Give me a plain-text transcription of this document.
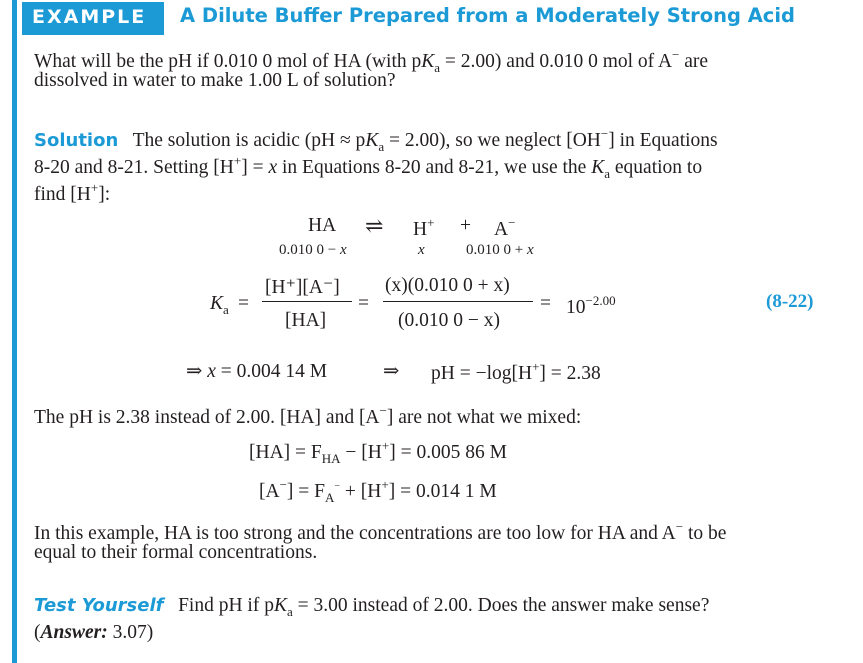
EXAMPLE A Dilute Buffer Prepared from a Moderately Strong Acid
What will be the pH if 0.010 0 mol of HA (with $pK_a = 2.00$) and 0.010 0 mol of A− are
dissolved in water to make 1.00 L of solution?
Solution The solution is acidic $(pH \approx pK_a = 2.00)$, so we neglect [OH−] in Equations
8-20 and 8-21. Setting [H+] = x in Equations 8-20 and 8-21, we use the $K_a$ equation to
find [H+]:
HA ⇌ H+ + A−
0.010 0 − x	x	0.010 0 + x
$K_a$ =
[H⁺][A⁻]
[HA]
=
(x)(0.010 0 + x)
(0.010 0 − x)
= $10^{-2.00}$	(8-22)
⇒ x = 0.004 14 M	⇒ pH = −log[H+] = 2.38
The pH is 2.38 instead of 2.00. [HA] and [A−] are not what we mixed:
$[HA] = F_{HA} - [H^+] = 0.005$ 86 M
$[A^-] = F_A^- + [H^+] = 0.014$ 1 M
In this example, HA is too strong and the concentrations are too low for HA and A− to be
equal to their formal concentrations.
Test Yourself Find pH if $pK_a = 3.00$ instead of 2.00. Does the answer make sense?
(Answer: 3.07)
